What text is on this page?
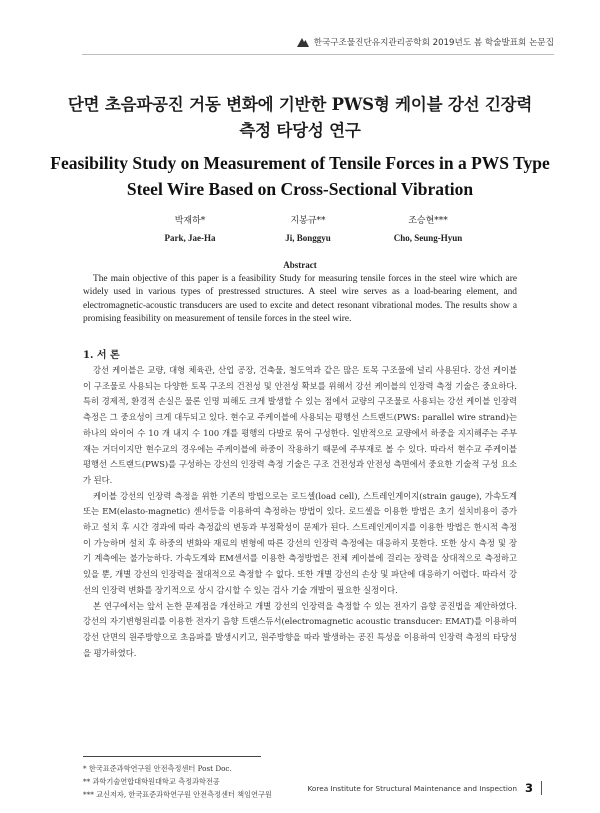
한국구조물진단유지관리공학회 2019년도 봄 학술발표회 논문집
단면 초음파공진 거동 변화에 기반한 PWS형 케이블 강선 긴장력
측정 타당성 연구
Feasibility Study on Measurement of Tensile Forces in a PWS Type
Steel Wire Based on Cross-Sectional Vibration
박재하*
Park, Jae-Ha
지봉규**
Ji, Bonggyu
조승현***
Cho, Seung-Hyun
Abstract

The main objective of this paper is a feasibility Study for measuring tensile forces in the steel wire which are widely used in various types of prestressed structures. A steel wire serves as a load-bearing element, and electromagnetic-acoustic transducers are used to excite and detect resonant vibrational modes. The results show a promising feasibility on measurement of tensile forces in the steel wire.

1. 서 론

강선 케이블은 교량, 대형 체육관, 산업 공장, 건축물, 철도역과 같은 많은 토목 구조물에 널리 사용된다. 강선 케이블이 구조물로 사용되는 다양한 토목 구조의 건전성 및 안전성 확보를 위해서 강선 케이블의 인장력 측정 기술은 중요하다. 특히 경제적, 환경적 손실은 물론 인명 피해도 크게 발생할 수 있는 점에서 교량의 구조물로 사용되는 강선 케이블 인장력 측정은 그 중요성이 크게 대두되고 있다. 현수교 주케이블에 사용되는 평행선 스트랜드(PWS: parallel wire strand)는 하나의 와이어 수 10 개 내지 수 100 개를 평행의 다발로 묶어 구성한다. 일반적으로 교량에서 하중을 지지해주는 주부재는 거더이지만 현수교의 경우에는 주케이블에 하중이 작용하기 때문에 주부재로 볼 수 있다. 따라서 현수교 주케이블 평행선 스트랜드(PWS)를 구성하는 강선의 인장력 측정 기술은 구조 건전성과 안전성 측면에서 중요한 기술적 구성 요소가 된다.

케이블 강선의 인장력 측정을 위한 기존의 방법으로는 로드셀(load cell), 스트레인게이지(strain gauge), 가속도계 또는 EM(elasto-magnetic) 센서등을 이용하여 측정하는 방법이 있다. 로드셀을 이용한 방법은 초기 설치비용이 증가하고 설치 후 시간 경과에 따라 측정값의 변동과 부정확성이 문제가 된다. 스트레인게이지를 이용한 방법은 한시적 측정이 가능하며 설치 후 하중의 변화와 재료의 변형에 따른 강선의 인장력 측정에는 대응하지 못한다. 또한 상시 측정 및 장기 계측에는 불가능하다. 가속도계와 EM센서를 이용한 측정방법은 전체 케이블에 걸리는 장력을 상대적으로 측정하고 있을 뿐, 개별 강선의 인장력을 절대적으로 측정할 수 없다. 또한 개별 강선의 손상 및 파단에 대응하기 어렵다. 따라서 강선의 인장력 변화를 장기적으로 상시 감시할 수 있는 검사 기술 개발이 필요한 실정이다.

본 연구에서는 앞서 논한 문제점을 개선하고 개별 강선의 인장력을 측정할 수 있는 전자기 음향 공진법을 제안하였다. 강선의 자기변형원리를 이용한 전자기 음향 트랜스듀서(electromagnetic acoustic transducer: EMAT)를 이용하여 강선 단면의 원주방향으로 초음파를 발생시키고, 원주방향을 따라 발생하는 공진 특성을 이용하여 인장력 측정의 타당성을 평가하였다.

* 한국표준과학연구원 안전측정센터 Post Doc.
** 과학기술연합대학원대학교 측정과학전공
*** 교신저자, 한국표준과학연구원 안전측정센터 책임연구원
Korea Institute for Structural Maintenance and Inspection 3
